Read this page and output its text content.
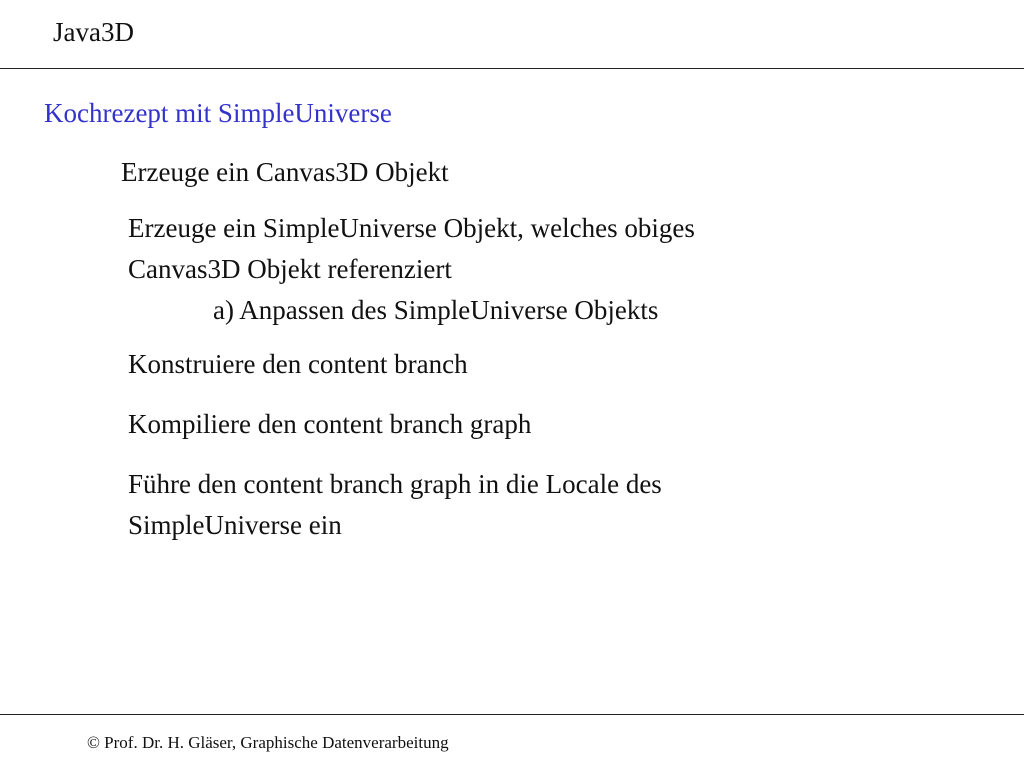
Java3D
Kochrezept mit SimpleUniverse
Erzeuge ein Canvas3D Objekt
Erzeuge ein SimpleUniverse Objekt, welches obiges
Canvas3D Objekt referenziert
a) Anpassen des SimpleUniverse Objekts
Konstruiere den content branch
Kompiliere den content branch graph
Führe den content branch graph in die Locale des
SimpleUniverse ein
© Prof. Dr. H. Gläser, Graphische Datenverarbeitung
